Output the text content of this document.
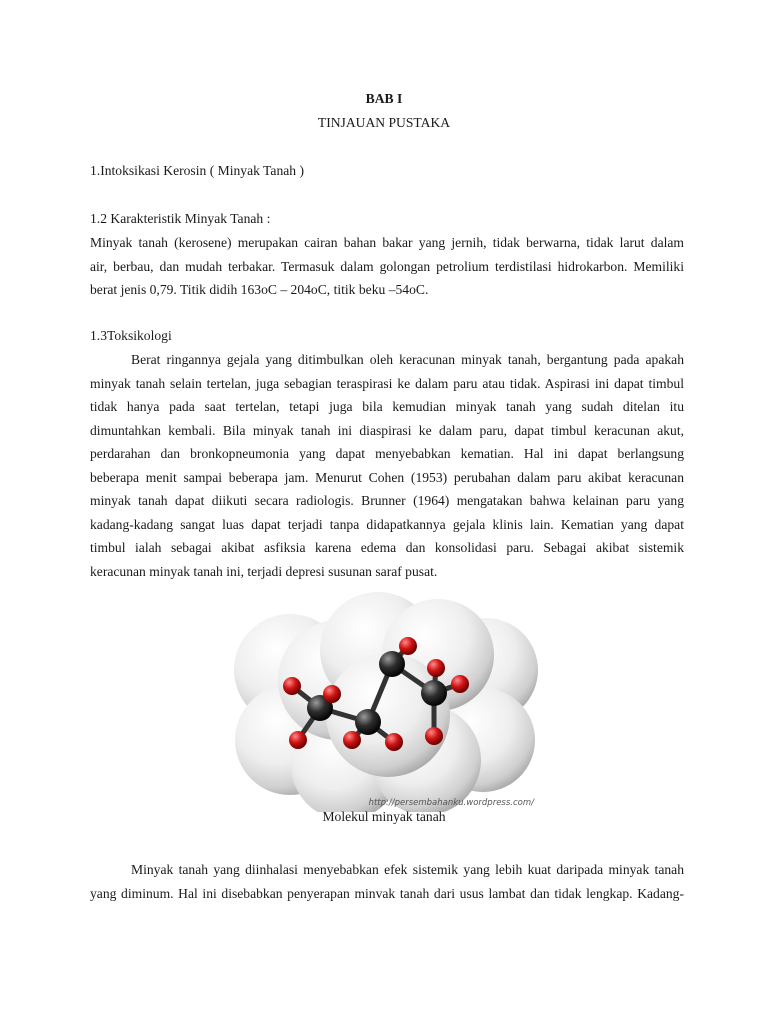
BAB I
TINJAUAN PUSTAKA
1.Intoksikasi Kerosin ( Minyak Tanah )
1.2 Karakteristik Minyak Tanah :

Minyak tanah (kerosene) merupakan cairan bahan bakar yang jernih, tidak berwarna, tidak larut dalam

air, berbau, dan mudah terbakar. Termasuk dalam golongan petrolium terdistilasi hidrokarbon. Memiliki

berat jenis 0,79. Titik didih 163oC – 204oC, titik beku –54oC.

1.3Toksikologi

Berat ringannya gejala yang ditimbulkan oleh keracunan minyak tanah, bergantung pada apakah

minyak tanah selain tertelan, juga sebagian teraspirasi ke dalam paru atau tidak. Aspirasi ini dapat timbul

tidak hanya pada saat tertelan, tetapi juga bila kemudian minyak tanah yang sudah ditelan itu

dimuntahkan kembali. Bila minyak tanah ini diaspirasi ke dalam paru, dapat timbul keracunan akut,

perdarahan dan bronkopneumonia yang dapat menyebabkan kematian. Hal ini dapat berlangsung

beberapa menit sampai beberapa jam. Menurut Cohen (1953) perubahan dalam paru akibat keracunan

minyak tanah dapat diikuti secara radiologis. Brunner (1964) mengatakan bahwa kelainan paru yang

kadang-kadang sangat luas dapat terjadi tanpa didapatkannya gejala klinis lain. Kematian yang dapat

timbul ialah sebagai akibat asfiksia karena edema dan konsolidasi paru. Sebagai akibat sistemik

keracunan minyak tanah ini, terjadi depresi susunan saraf pusat.

http://persembahanku.wordpress.com/
Molekul minyak tanah

Minyak tanah yang diinhalasi menyebabkan efek sistemik yang lebih kuat daripada minyak tanah

yang diminum. Hal ini disebabkan penyerapan minvak tanah dari usus lambat dan tidak lengkap. Kadang-
